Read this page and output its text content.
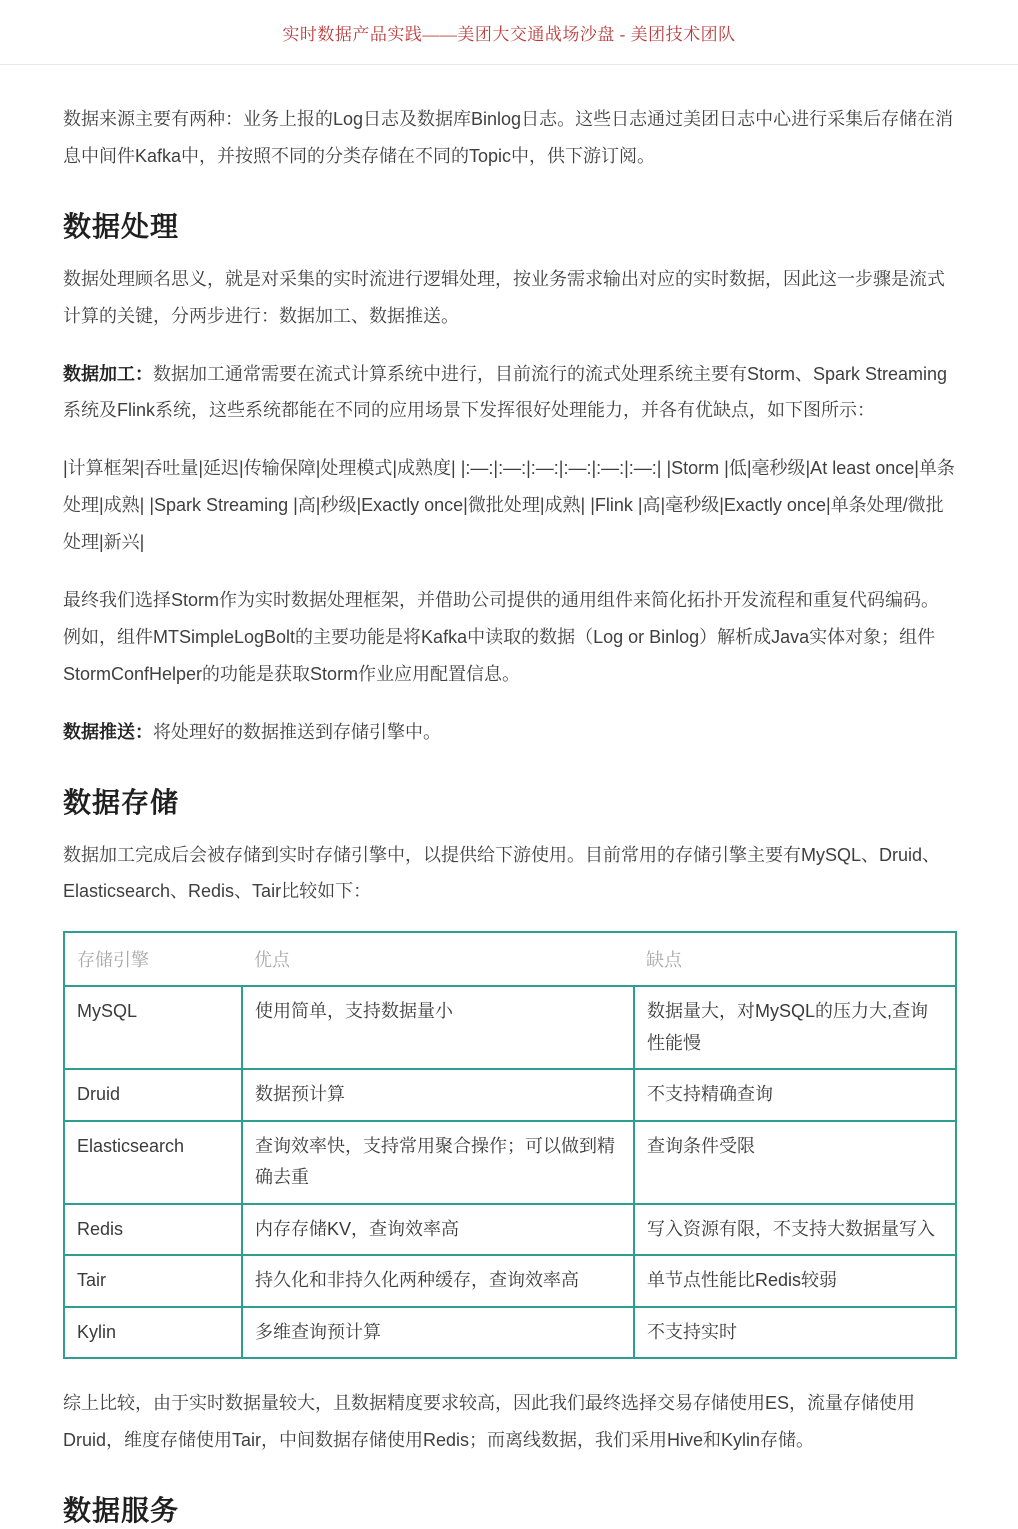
实时数据产品实践——美团大交通战场沙盘 - 美团技术团队

数据来源主要有两种：业务上报的Log日志及数据库Binlog日志。这些日志通过美团日志中心进行采集后存储在消息中间件Kafka中，并按照不同的分类存储在不同的Topic中，供下游订阅。

数据处理

数据处理顾名思义，就是对采集的实时流进行逻辑处理，按业务需求输出对应的实时数据，因此这一步骤是流式计算的关键，分两步进行：数据加工、数据推送。

数据加工：数据加工通常需要在流式计算系统中进行，目前流行的流式处理系统主要有Storm、Spark Streaming系统及Flink系统，这些系统都能在不同的应用场景下发挥很好处理能力，并各有优缺点，如下图所示：

|计算框架|吞吐量|延迟|传输保障|处理模式|成熟度| |:—:|:—:|:—:|:—:|:—:|:—:| |Storm |低|毫秒级|At least once|单条处理|成熟| |Spark Streaming |高|秒级|Exactly once|微批处理|成熟| |Flink |高|毫秒级|Exactly once|单条处理/微批处理|新兴|

最终我们选择Storm作为实时数据处理框架，并借助公司提供的通用组件来简化拓扑开发流程和重复代码编码。例如，组件MTSimpleLogBolt的主要功能是将Kafka中读取的数据（Log or Binlog）解析成Java实体对象；组件StormConfHelper的功能是获取Storm作业应用配置信息。

数据推送：将处理好的数据推送到存储引擎中。

数据存储

数据加工完成后会被存储到实时存储引擎中，以提供给下游使用。目前常用的存储引擎主要有MySQL、Druid、Elasticsearch、Redis、Tair比较如下：

存储引擎	优点	缺点
MySQL	使用简单，支持数据量小	数据量大，对MySQL的压力大,查询性能慢
Druid	数据预计算	不支持精确查询
Elasticsearch	查询效率快，支持常用聚合操作；可以做到精确去重	查询条件受限
Redis	内存存储KV，查询效率高	写入资源有限，不支持大数据量写入
Tair	持久化和非持久化两种缓存，查询效率高	单节点性能比Redis较弱
Kylin	多维查询预计算	不支持实时

综上比较，由于实时数据量较大，且数据精度要求较高，因此我们最终选择交易存储使用ES，流量存储使用Druid，维度存储使用Tair，中间数据存储使用Redis；而离线数据，我们采用Hive和Kylin存储。

数据服务
